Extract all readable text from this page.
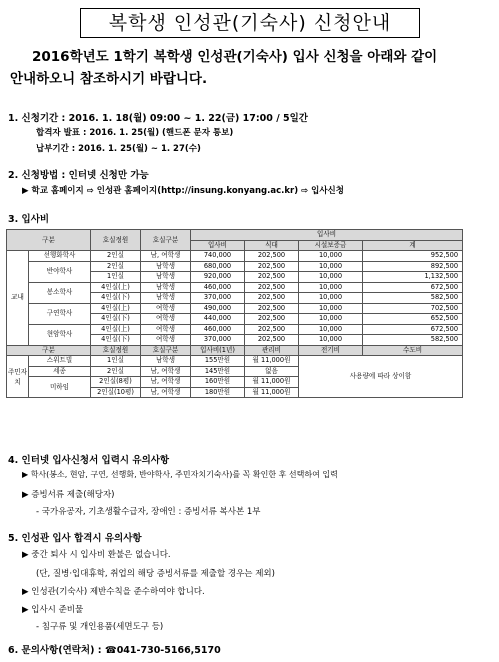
복학생 인성관(기숙사) 신청안내
2016학년도 1학기 복학생 인성관(기숙사) 입사 신청을 아래와 같이
안내하오니 참조하시기 바랍니다.
1. 신청기간 : 2016. 1. 18(월) 09:00 ~ 1. 22(금) 17:00 / 5일간
합격자 발표 : 2016. 1. 25(월) (핸드폰 문자 통보)
납부기간 : 2016. 1. 25(월) ~ 1. 27(수)
2. 신청방법 : 인터넷 신청만 가능
▶ 학교 홈페이지 ⇨ 인성관 홈페이지(http://insung.konyang.ac.kr) ⇨ 입사신청
3. 입사비
구분		호실정원	호실구분	입사비			
				입사비	식대	시설보증금	계
교내	선행화학사	2인실	남, 여학생	740,000	202,500	10,000	952,500
	반야학사	2인실	남학생	680,000	202,500	10,000	892,500
		1인실	남학생	920,000	202,500	10,000	1,132,500
	봉소학사	4인실(上)	남학생	460,000	202,500	10,000	672,500
		4인실(下)	남학생	370,000	202,500	10,000	582,500
	구연학사	4인실(上)	여학생	490,000	202,500	10,000	702,500
		4인실(下)	여학생	440,000	202,500	10,000	652,500
	현암학사	4인실(上)	여학생	460,000	202,500	10,000	672,500
		4인실(下)	여학생	370,000	202,500	10,000	582,500
구분		호실정원	호실구분	입사비(1년)	관리비	전기비	수도비
주민자치	스위트빌	1인실	남학생	155만원	월 11,000원	사용량에 따라 상이함	
	세종	2인실	남, 여학생	145만원	없음		
	미하임	2인실(8평)	남, 여학생	160만원	월 11,000원		
		2인실(10평)	남, 여학생	180만원	월 11,000원		
4. 인터넷 입사신청서 입력시 유의사항
▶ 학사(봉소, 현암, 구연, 선행화, 반야학사, 주민자치기숙사)를 꼭 확인한 후 선택하여 입력
▶ 증빙서류 제출(해당자)
- 국가유공자, 기초생활수급자, 장애인 : 증빙서류 복사본 1부
5. 인성관 입사 합격시 유의사항
▶ 중간 퇴사 시 입사비 환불은 없습니다.
(단, 질병·입대휴학, 취업의 해당 증빙서류를 제출할 경우는 제외)
▶ 인성관(기숙사) 제반수칙을 준수하여야 합니다.
▶ 입사시 준비물
- 침구류 및 개인용품(세면도구 등)
6. 문의사항(연락처) : ☎041-730-5166,5170
